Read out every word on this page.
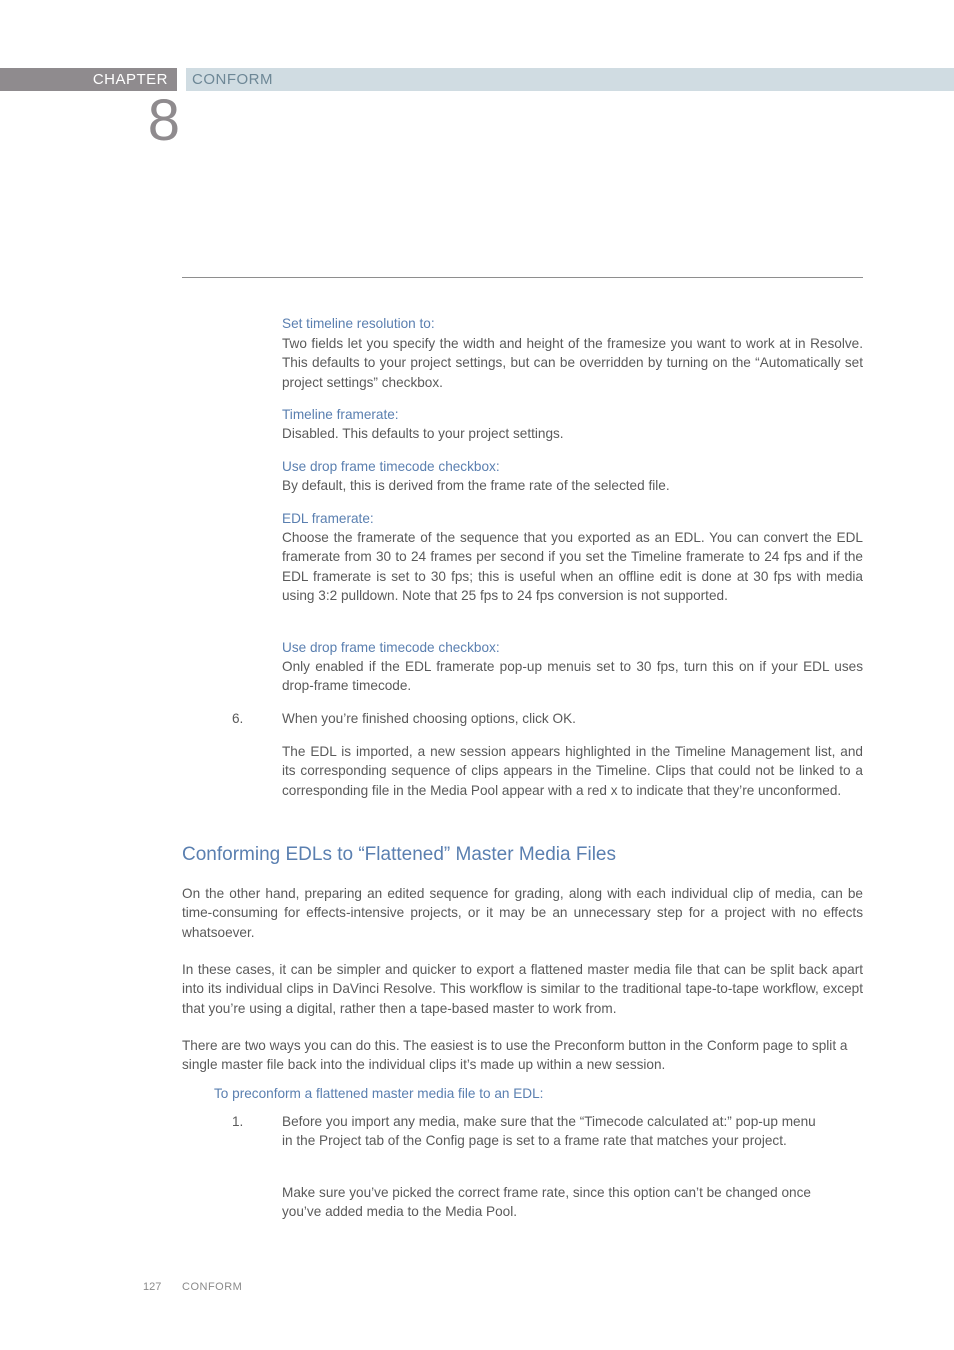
CHAPTER	CONFORM
8
Set timeline resolution to:
Two fields let you specify the width and height of the framesize you want to work at in Resolve. This defaults to your project settings, but can be overridden by turning on the “Automatically set project settings” checkbox.
Timeline framerate:
Disabled. This defaults to your project settings.
Use drop frame timecode checkbox:
By default, this is derived from the frame rate of the selected file.
EDL framerate:
Choose the framerate of the sequence that you exported as an EDL. You can convert the EDL framerate from 30 to 24 frames per second if you set the Timeline framerate to 24 fps and if the EDL framerate is set to 30 fps; this is useful when an offline edit is done at 30 fps with media using 3:2 pulldown. Note that 25 fps to 24 fps conversion is not supported.
Use drop frame timecode checkbox:
Only enabled if the EDL framerate pop-up menuis set to 30 fps, turn this on if your EDL uses drop-frame timecode.
6.	When you’re finished choosing options, click OK.
The EDL is imported, a new session appears highlighted in the Timeline Management list, and its corresponding sequence of clips appears in the Timeline. Clips that could not be linked to a corresponding file in the Media Pool appear with a red x to indicate that they’re unconformed.
Conforming EDLs to “Flattened” Master Media Files
On the other hand, preparing an edited sequence for grading, along with each individual clip of media, can be time-consuming for effects-intensive projects, or it may be an unnecessary step for a project with no effects whatsoever.
In these cases, it can be simpler and quicker to export a flattened master media file that can be split back apart into its individual clips in DaVinci Resolve. This workflow is similar to the traditional tape-to-tape workflow, except that you’re using a digital, rather then a tape-based master to work from.
There are two ways you can do this. The easiest is to use the Preconform button in the Conform page to split a single master file back into the individual clips it’s made up within a new session.
To preconform a flattened master media file to an EDL:
1.	Before you import any media, make sure that the “Timecode calculated at:” pop-up menu in the Project tab of the Config page is set to a frame rate that matches your project.
Make sure you’ve picked the correct frame rate, since this option can’t be changed once you’ve added media to the Media Pool.
127 CONFORM
